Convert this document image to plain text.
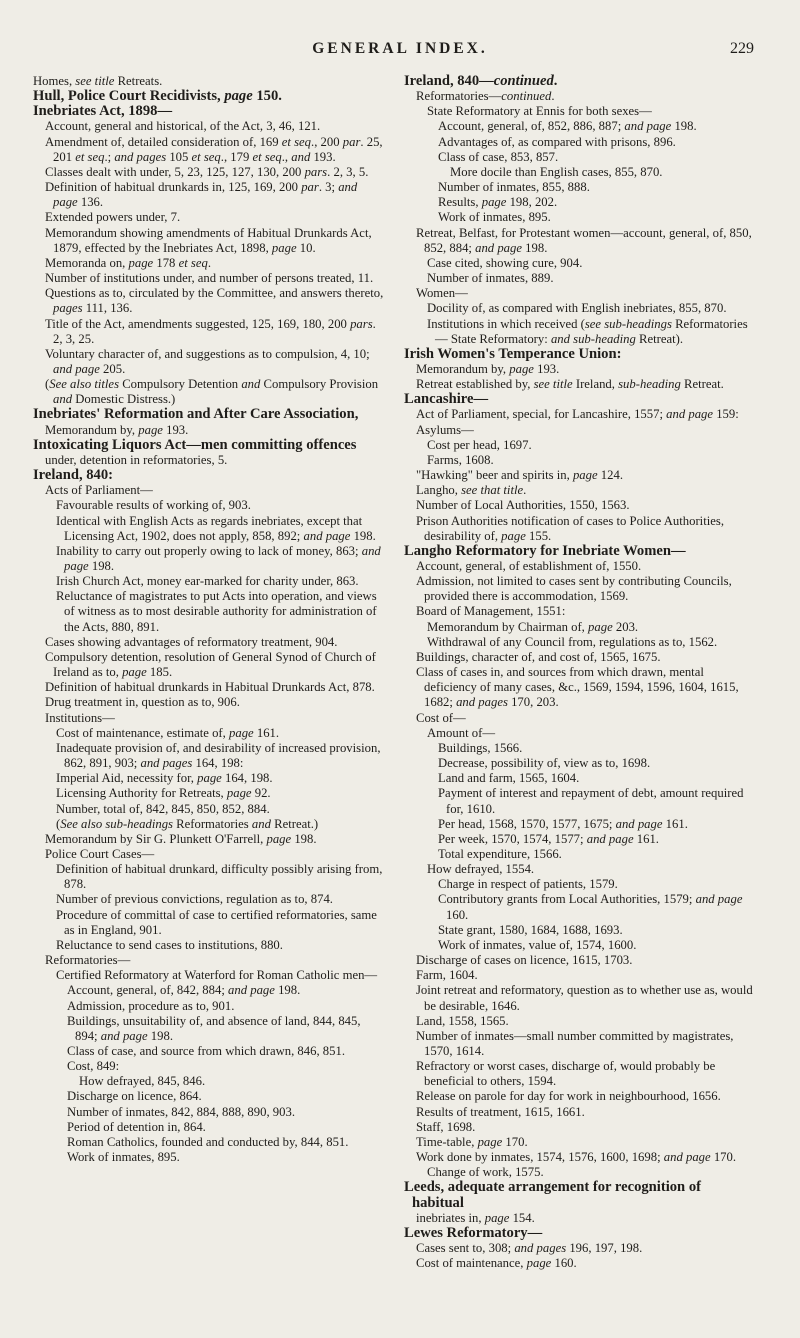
GENERAL INDEX.	229
Homes, see title Retreats.
Hull, Police Court Recidivists, page 150.
Inebriates Act, 1898—
Account, general and historical, of the Act, 3, 46, 121.
Amendment of, detailed consideration of, 169 et seq., 200 par. 25, 201 et seq.; and pages 105 et seq., 179 et seq., and 193.
Classes dealt with under, 5, 23, 125, 127, 130, 200 pars. 2, 3, 5.
Definition of habitual drunkards in, 125, 169, 200 par. 3; and page 136.
Extended powers under, 7.
Memorandum showing amendments of Habitual Drunkards Act, 1879, effected by the Inebriates Act, 1898, page 10.
Memoranda on, page 178 et seq.
Number of institutions under, and number of persons treated, 11.
Questions as to, circulated by the Committee, and answers thereto, pages 111, 136.
Title of the Act, amendments suggested, 125, 169, 180, 200 pars. 2, 3, 25.
Voluntary character of, and suggestions as to compulsion, 4, 10; and page 205.
(See also titles Compulsory Detention and Compulsory Provision and Domestic Distress.)
Inebriates' Reformation and After Care Association,
Memorandum by, page 193.
Intoxicating Liquors Act—men committing offences
under, detention in reformatories, 5.
Ireland, 840:
Acts of Parliament—
Favourable results of working of, 903.
Identical with English Acts as regards inebriates, except that Licensing Act, 1902, does not apply, 858, 892; and page 198.
Inability to carry out properly owing to lack of money, 863; and page 198.
Irish Church Act, money ear-marked for charity under, 863.
Reluctance of magistrates to put Acts into operation, and views of witness as to most desirable authority for administration of the Acts, 880, 891.
Cases showing advantages of reformatory treatment, 904.
Compulsory detention, resolution of General Synod of Church of Ireland as to, page 185.
Definition of habitual drunkards in Habitual Drunkards Act, 878.
Drug treatment in, question as to, 906.
Institutions—
Cost of maintenance, estimate of, page 161.
Inadequate provision of, and desirability of increased provision, 862, 891, 903; and pages 164, 198:
Imperial Aid, necessity for, page 164, 198.
Licensing Authority for Retreats, page 92.
Number, total of, 842, 845, 850, 852, 884.
(See also sub-headings Reformatories and Retreat.)
Memorandum by Sir G. Plunkett O'Farrell, page 198.
Police Court Cases—
Definition of habitual drunkard, difficulty possibly arising from, 878.
Number of previous convictions, regulation as to, 874.
Procedure of committal of case to certified reformatories, same as in England, 901.
Reluctance to send cases to institutions, 880.
Reformatories—
Certified Reformatory at Waterford for Roman Catholic men—
Account, general, of, 842, 884; and page 198.
Admission, procedure as to, 901.
Buildings, unsuitability of, and absence of land, 844, 845, 894; and page 198.
Class of case, and source from which drawn, 846, 851.
Cost, 849:
How defrayed, 845, 846.
Discharge on licence, 864.
Number of inmates, 842, 884, 888, 890, 903.
Period of detention in, 864.
Roman Catholics, founded and conducted by, 844, 851.
Work of inmates, 895.
Ireland, 840—continued.
Reformatories—continued.
State Reformatory at Ennis for both sexes—
Account, general, of, 852, 886, 887; and page 198.
Advantages of, as compared with prisons, 896.
Class of case, 853, 857.
More docile than English cases, 855, 870.
Number of inmates, 855, 888.
Results, page 198, 202.
Work of inmates, 895.
Retreat, Belfast, for Protestant women—account, general, of, 850, 852, 884; and page 198.
Case cited, showing cure, 904.
Number of inmates, 889.
Women—
Docility of, as compared with English inebriates, 855, 870.
Institutions in which received (see sub-headings Reformatories — State Reformatory: and sub-heading Retreat).
Irish Women's Temperance Union:
Memorandum by, page 193.
Retreat established by, see title Ireland, sub-heading Retreat.
Lancashire—
Act of Parliament, special, for Lancashire, 1557; and page 159:
Asylums—
Cost per head, 1697.
Farms, 1608.
"Hawking" beer and spirits in, page 124.
Langho, see that title.
Number of Local Authorities, 1550, 1563.
Prison Authorities notification of cases to Police Authorities, desirability of, page 155.
Langho Reformatory for Inebriate Women—
Account, general, of establishment of, 1550.
Admission, not limited to cases sent by contributing Councils, provided there is accommodation, 1569.
Board of Management, 1551:
Memorandum by Chairman of, page 203.
Withdrawal of any Council from, regulations as to, 1562.
Buildings, character of, and cost of, 1565, 1675.
Class of cases in, and sources from which drawn, mental deficiency of many cases, &c., 1569, 1594, 1596, 1604, 1615, 1682; and pages 170, 203.
Cost of—
Amount of—
Buildings, 1566.
Decrease, possibility of, view as to, 1698.
Land and farm, 1565, 1604.
Payment of interest and repayment of debt, amount required for, 1610.
Per head, 1568, 1570, 1577, 1675; and page 161.
Per week, 1570, 1574, 1577; and page 161.
Total expenditure, 1566.
How defrayed, 1554.
Charge in respect of patients, 1579.
Contributory grants from Local Authorities, 1579; and page 160.
State grant, 1580, 1684, 1688, 1693.
Work of inmates, value of, 1574, 1600.
Discharge of cases on licence, 1615, 1703.
Farm, 1604.
Joint retreat and reformatory, question as to whether use as, would be desirable, 1646.
Land, 1558, 1565.
Number of inmates—small number committed by magistrates, 1570, 1614.
Refractory or worst cases, discharge of, would probably be beneficial to others, 1594.
Release on parole for day for work in neighbourhood, 1656.
Results of treatment, 1615, 1661.
Staff, 1698.
Time-table, page 170.
Work done by inmates, 1574, 1576, 1600, 1698; and page 170.
Change of work, 1575.
Leeds, adequate arrangement for recognition of habitual
inebriates in, page 154.
Lewes Reformatory—
Cases sent to, 308; and pages 196, 197, 198.
Cost of maintenance, page 160.
